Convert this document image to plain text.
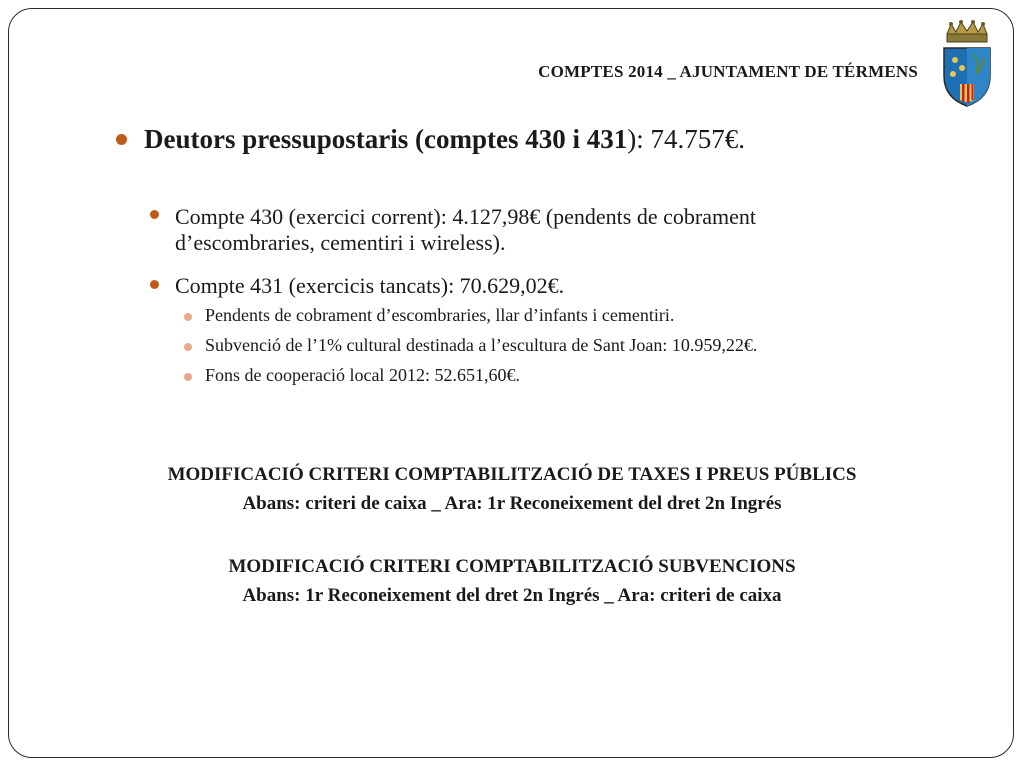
COMPTES 2014 _ AJUNTAMENT DE TÉRMENS
Deutors pressupostaris (comptes 430 i 431): 74.757€.
Compte 430 (exercici corrent): 4.127,98€ (pendents de cobrament
d’escombraries, cementiri i wireless).
Compte 431 (exercicis tancats): 70.629,02€.
Pendents de cobrament d’escombraries, llar d’infants i cementiri.
Subvenció de l’1% cultural destinada a l’escultura de Sant Joan: 10.959,22€.
Fons de cooperació local 2012: 52.651,60€.
MODIFICACIÓ CRITERI COMPTABILITZACIÓ DE TAXES I PREUS PÚBLICS
Abans: criteri de caixa _ Ara: 1r Reconeixement del dret 2n Ingrés
MODIFICACIÓ CRITERI COMPTABILITZACIÓ SUBVENCIONS
Abans: 1r Reconeixement del dret 2n Ingrés _ Ara: criteri de caixa
